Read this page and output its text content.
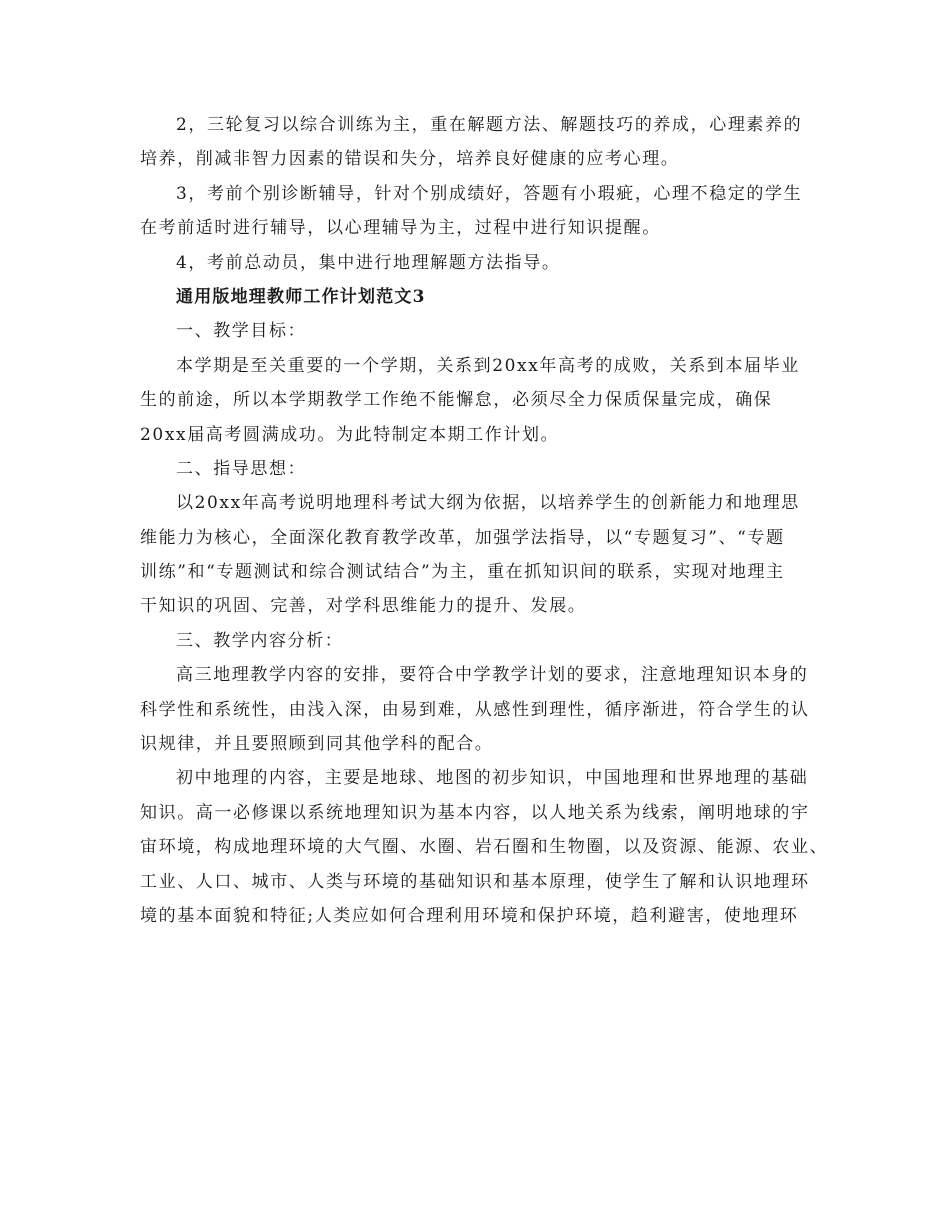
2，三轮复习以综合训练为主，重在解题方法、解题技巧的养成，心理素养的
培养，削减非智力因素的错误和失分，培养良好健康的应考心理。

3，考前个别诊断辅导，针对个别成绩好，答题有小瑕疵，心理不稳定的学生
在考前适时进行辅导，以心理辅导为主，过程中进行知识提醒。

4，考前总动员，集中进行地理解题方法指导。

通用版地理教师工作计划范文3

一、教学目标：

本学期是至关重要的一个学期，关系到20xx年高考的成败，关系到本届毕业
生的前途，所以本学期教学工作绝不能懈怠，必须尽全力保质保量完成，确保
20xx届高考圆满成功。为此特制定本期工作计划。

二、指导思想：

以20xx年高考说明地理科考试大纲为依据，以培养学生的创新能力和地理思
维能力为核心，全面深化教育教学改革，加强学法指导，以“专题复习”、“专题
训练”和“专题测试和综合测试结合”为主，重在抓知识间的联系，实现对地理主
干知识的巩固、完善，对学科思维能力的提升、发展。

三、教学内容分析：

高三地理教学内容的安排，要符合中学教学计划的要求，注意地理知识本身的
科学性和系统性，由浅入深，由易到难，从感性到理性，循序渐进，符合学生的认
识规律，并且要照顾到同其他学科的配合。

初中地理的内容，主要是地球、地图的初步知识，中国地理和世界地理的基础
知识。高一必修课以系统地理知识为基本内容，以人地关系为线索，阐明地球的宇
宙环境，构成地理环境的大气圈、水圈、岩石圈和生物圈，以及资源、能源、农业、
工业、人口、城市、人类与环境的基础知识和基本原理，使学生了解和认识地理环
境的基本面貌和特征;人类应如何合理利用环境和保护环境，趋利避害，使地理环
